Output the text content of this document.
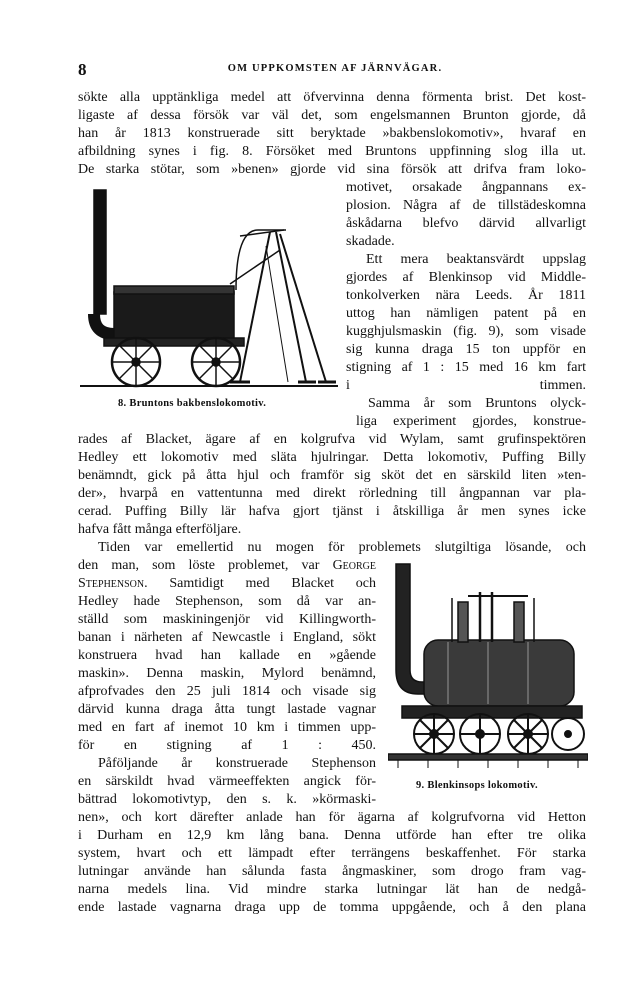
8	OM UPPKOMSTEN AF JÄRNVÄGAR.
sökte alla upptänkliga medel att öfvervinna denna förmenta brist. Det kost-
ligaste af dessa försök var väl det, som engelsmannen Brunton gjorde, då
han år 1813 konstruerade sitt beryktade »bakbenslokomotiv», hvaraf en
afbildning synes i fig. 8. Försöket med Bruntons uppfinning slog illa ut.
De starka stötar, som »benen» gjorde vid sina försök att drifva fram loko-
motivet, orsakade ångpannans ex-
plosion. Några af de tillstädeskomna
åskådarna blefvo därvid allvarligt
skadade.
Ett mera beaktansvärdt uppslag
gjordes af Blenkinsop vid Middle-
tonkolverken nära Leeds. År 1811
uttog han nämligen patent på en
kugghjulsmaskin (fig. 9), som visade
sig kunna draga 15 ton uppför en
stigning af 1 : 15 med 16 km fart
i timmen.
Samma år som Bruntons olyck-
liga experiment gjordes, konstrue-
8. Bruntons bakbenslokomotiv.
rades af Blacket, ägare af en kolgrufva vid Wylam, samt grufinspektören
Hedley ett lokomotiv med släta hjulringar. Detta lokomotiv, Puffing Billy
benämndt, gick på åtta hjul och framför sig sköt det en särskild liten »ten-
der», hvarpå en vattentunna med direkt rörledning till ångpannan var pla-
cerad. Puffing Billy lär hafva gjort tjänst i åtskilliga år men synes icke
hafva fått många efterföljare.
Tiden var emellertid nu mogen för problemets slutgiltiga lösande, och
den man, som löste problemet, var George
Stephenson. Samtidigt med Blacket och
Hedley hade Stephenson, som då var an-
ställd som maskiningenjör vid Killingworth-
banan i närheten af Newcastle i England, sökt
konstruera hvad han kallade en »gående
maskin». Denna maskin, Mylord benämnd,
afprofvades den 25 juli 1814 och visade sig
därvid kunna draga åtta tungt lastade vagnar
med en fart af inemot 10 km i timmen upp-
för en stigning af 1 : 450.
Påföljande år konstruerade Stephenson
en särskildt hvad värmeeffekten angick för-
bättrad lokomotivtyp, den s. k. »körmaski-
9. Blenkinsops lokomotiv.
nen», och kort därefter anlade han för ägarna af kolgrufvorna vid Hetton
i Durham en 12,9 km lång bana. Denna utförde han efter tre olika
system, hvart och ett lämpadt efter terrängens beskaffenhet. För starka
lutningar använde han sålunda fasta ångmaskiner, som drogo fram vag-
narna medels lina. Vid mindre starka lutningar lät han de nedgå-
ende lastade vagnarna draga upp de tomma uppgående, och å den plana
